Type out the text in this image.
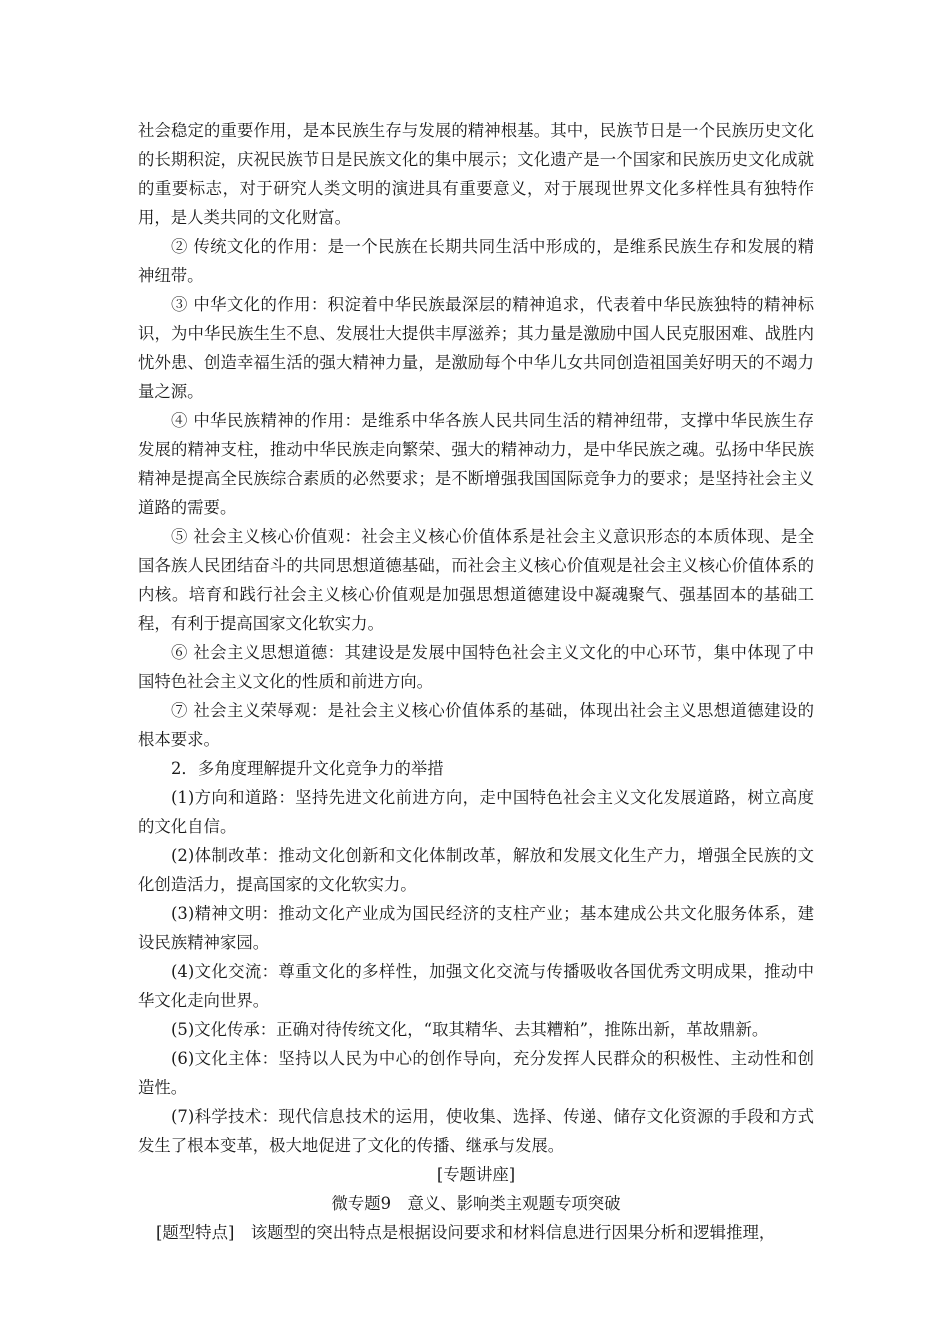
社会稳定的重要作用，是本民族生存与发展的精神根基。其中，民族节日是一个民族历史文化的长期积淀，庆祝民族节日是民族文化的集中展示；文化遗产是一个国家和民族历史文化成就的重要标志，对于研究人类文明的演进具有重要意义，对于展现世界文化多样性具有独特作用，是人类共同的文化财富。

② 传统文化的作用：是一个民族在长期共同生活中形成的，是维系民族生存和发展的精神纽带。

③ 中华文化的作用：积淀着中华民族最深层的精神追求，代表着中华民族独特的精神标识，为中华民族生生不息、发展壮大提供丰厚滋养；其力量是激励中国人民克服困难、战胜内忧外患、创造幸福生活的强大精神力量，是激励每个中华儿女共同创造祖国美好明天的不竭力量之源。

④ 中华民族精神的作用：是维系中华各族人民共同生活的精神纽带，支撑中华民族生存发展的精神支柱，推动中华民族走向繁荣、强大的精神动力，是中华民族之魂。弘扬中华民族精神是提高全民族综合素质的必然要求；是不断增强我国国际竞争力的要求；是坚持社会主义道路的需要。

⑤ 社会主义核心价值观：社会主义核心价值体系是社会主义意识形态的本质体现、是全国各族人民团结奋斗的共同思想道德基础，而社会主义核心价值观是社会主义核心价值体系的内核。培育和践行社会主义核心价值观是加强思想道德建设中凝魂聚气、强基固本的基础工程，有利于提高国家文化软实力。

⑥ 社会主义思想道德：其建设是发展中国特色社会主义文化的中心环节，集中体现了中国特色社会主义文化的性质和前进方向。

⑦ 社会主义荣辱观：是社会主义核心价值体系的基础，体现出社会主义思想道德建设的根本要求。

2．多角度理解提升文化竞争力的举措

(1)方向和道路：坚持先进文化前进方向，走中国特色社会主义文化发展道路，树立高度的文化自信。

(2)体制改革：推动文化创新和文化体制改革，解放和发展文化生产力，增强全民族的文化创造活力，提高国家的文化软实力。

(3)精神文明：推动文化产业成为国民经济的支柱产业；基本建成公共文化服务体系，建设民族精神家园。

(4)文化交流：尊重文化的多样性，加强文化交流与传播吸收各国优秀文明成果，推动中华文化走向世界。

(5)文化传承：正确对待传统文化，“取其精华、去其糟粕”，推陈出新，革故鼎新。

(6)文化主体：坚持以人民为中心的创作导向，充分发挥人民群众的积极性、主动性和创造性。

(7)科学技术：现代信息技术的运用，使收集、选择、传递、储存文化资源的手段和方式发生了根本变革，极大地促进了文化的传播、继承与发展。

[专题讲座]

微专题9　意义、影响类主观题专项突破

[题型特点]　该题型的突出特点是根据设问要求和材料信息进行因果分析和逻辑推理，
